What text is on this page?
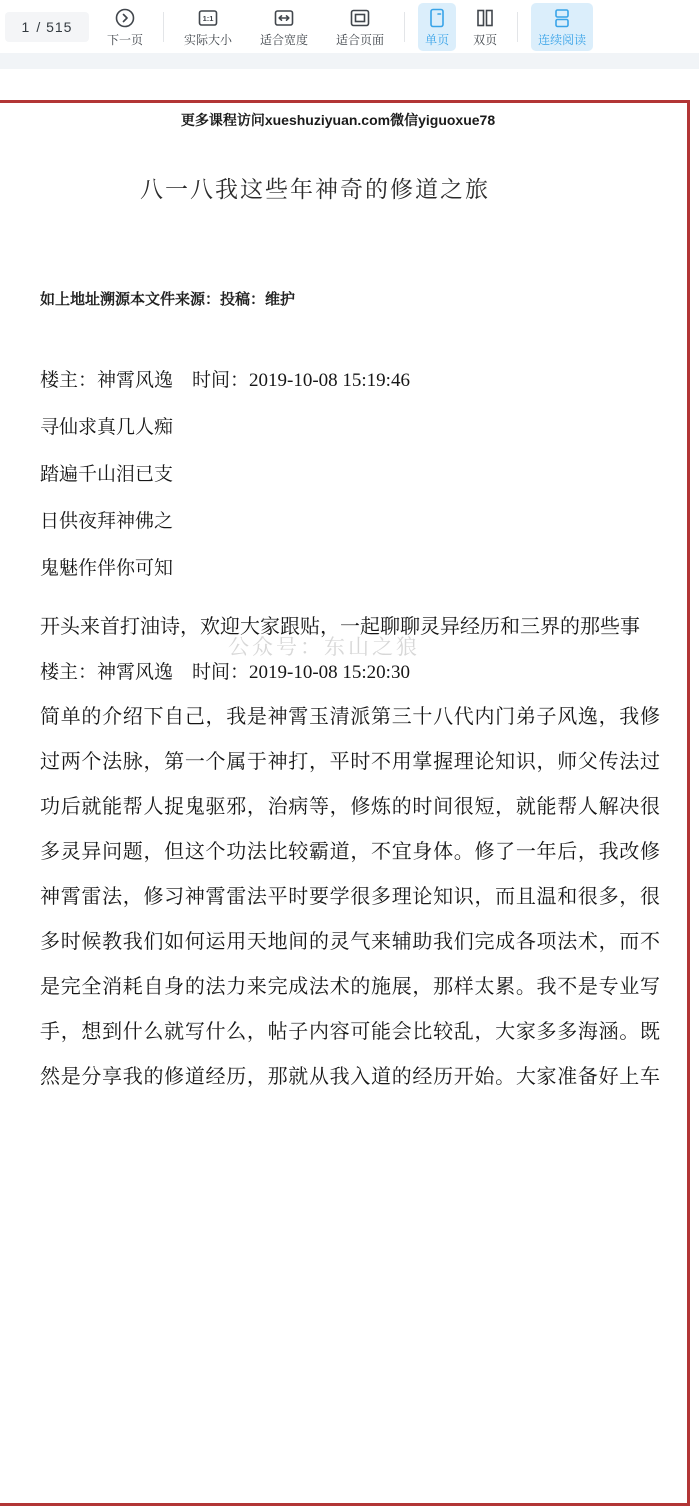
1 / 515
下一页
1:1
实际大小 适合宽度 适合页面	单页 双页	连续阅读
更多课程访问xueshuziyuan.com微信yiguoxue78
八一八我这些年神奇的修道之旅
如上地址溯源本文件来源：投稿：维护
楼主：神霄风逸　时间：2019-10-08 15:19:46
寻仙求真几人痴
踏遍千山泪已支
日供夜拜神佛之
鬼魅作伴你可知
开头来首打油诗，欢迎大家跟贴，一起聊聊灵异经历和三界的那些事
公众号：东山之狼
楼主：神霄风逸　时间：2019-10-08 15:20:30
简单的介绍下自己，我是神霄玉清派第三十八代内门弟子风逸，我修
过两个法脉，第一个属于神打，平时不用掌握理论知识，师父传法过
功后就能帮人捉鬼驱邪，治病等，修炼的时间很短，就能帮人解决很
多灵异问题，但这个功法比较霸道，不宜身体。修了一年后，我改修
神霄雷法，修习神霄雷法平时要学很多理论知识，而且温和很多，很
多时候教我们如何运用天地间的灵气来辅助我们完成各项法术，而不
是完全消耗自身的法力来完成法术的施展，那样太累。我不是专业写
手，想到什么就写什么，帖子内容可能会比较乱，大家多多海涵。既
然是分享我的修道经历，那就从我入道的经历开始。大家准备好上车
